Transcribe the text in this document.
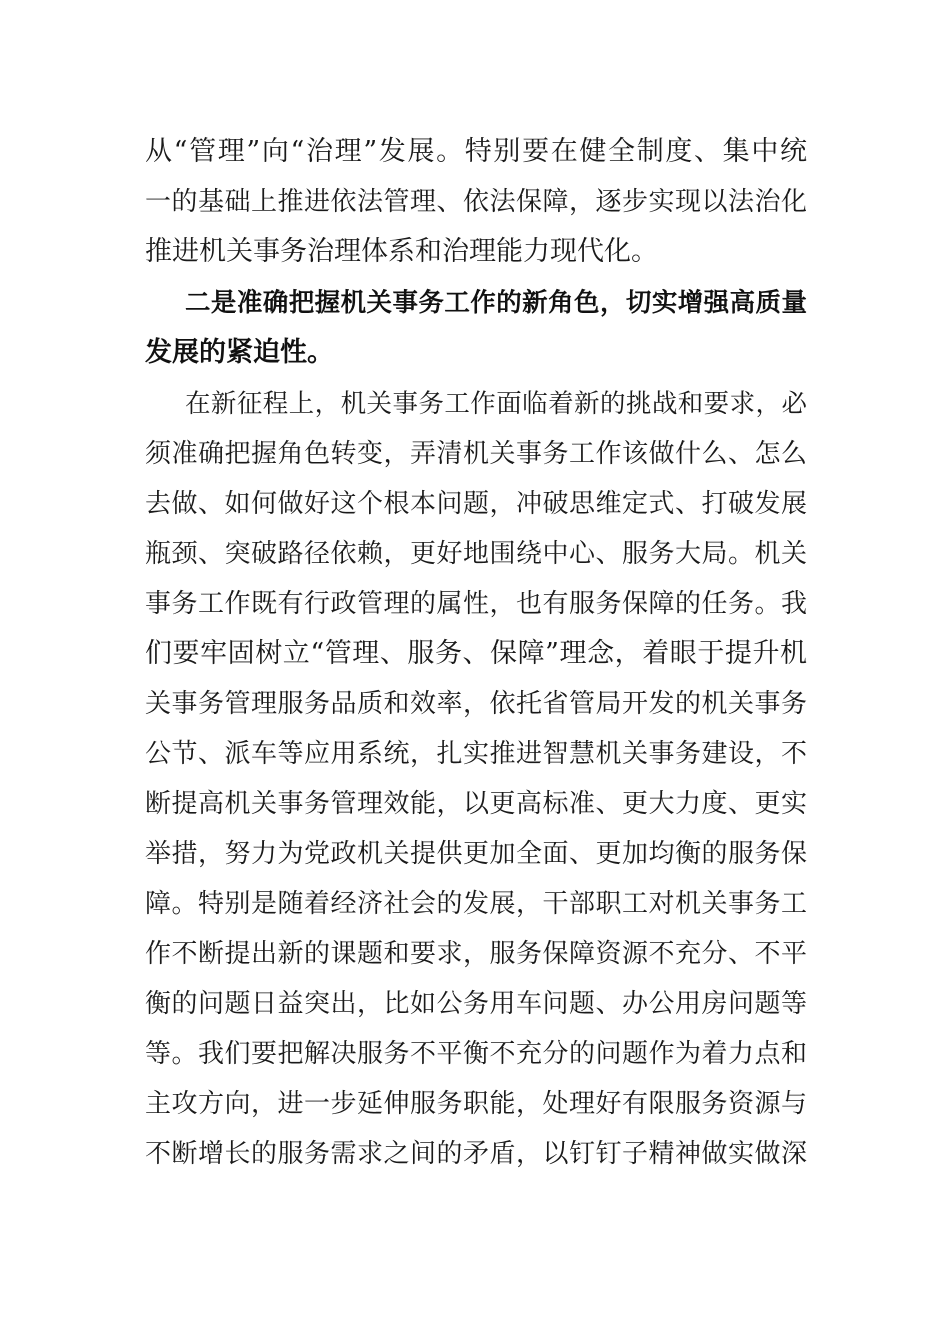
从“管理”向“治理”发展。特别要在健全制度、集中统
一的基础上推进依法管理、依法保障，逐步实现以法治化
推进机关事务治理体系和治理能力现代化。
二是准确把握机关事务工作的新角色，切实增强高质量
发展的紧迫性。
在新征程上，机关事务工作面临着新的挑战和要求，必
须准确把握角色转变，弄清机关事务工作该做什么、怎么
去做、如何做好这个根本问题，冲破思维定式、打破发展
瓶颈、突破路径依赖，更好地围绕中心、服务大局。机关
事务工作既有行政管理的属性，也有服务保障的任务。我
们要牢固树立“管理、服务、保障”理念，着眼于提升机
关事务管理服务品质和效率，依托省管局开发的机关事务
公节、派车等应用系统，扎实推进智慧机关事务建设，不
断提高机关事务管理效能，以更高标准、更大力度、更实
举措，努力为党政机关提供更加全面、更加均衡的服务保
障。特别是随着经济社会的发展，干部职工对机关事务工
作不断提出新的课题和要求，服务保障资源不充分、不平
衡的问题日益突出，比如公务用车问题、办公用房问题等
等。我们要把解决服务不平衡不充分的问题作为着力点和
主攻方向，进一步延伸服务职能，处理好有限服务资源与
不断增长的服务需求之间的矛盾，以钉钉子精神做实做深
